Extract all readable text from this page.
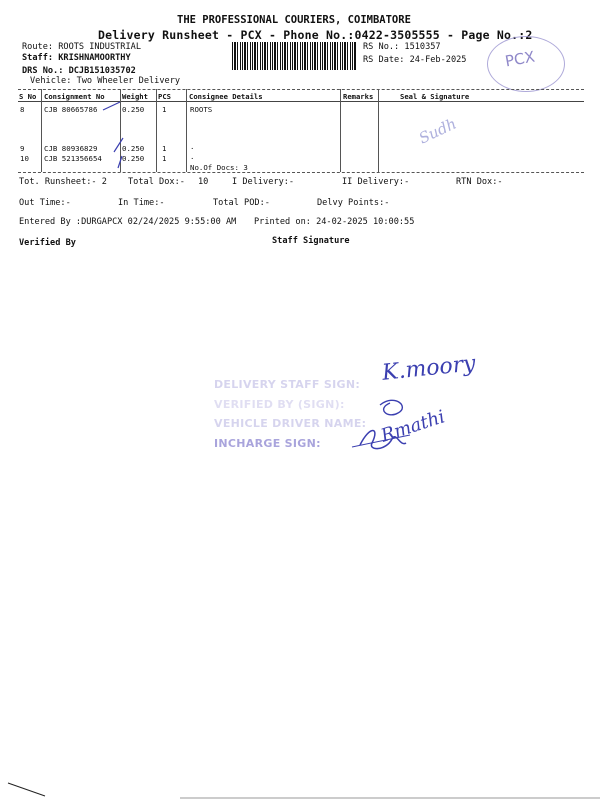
THE PROFESSIONAL COURIERS, COIMBATORE
Delivery Runsheet - PCX - Phone No.:0422-3505555 - Page No.:2
Route: ROOTS INDUSTRIAL
Staff: KRISHNAMOORTHY
DRS No.: DCJB151035702
Vehicle: Two Wheeler Delivery
RS No.: 1510357
RS Date: 24-Feb-2025 PCX
S No Consignment No Weight PCS	Consignee Details	Remarks	Seal & Signature
8	CJB 80665786	0.250 1	ROOTS
9	CJB 80936829	0.250 1	.
10 CJB 521356654	0.250 1	.
No.Of Docs: 3
Sudh
Tot. Runsheet:- 2 Total Dox:- 10	I Delivery:-	II Delivery:-	RTN Dox:-
Out Time:-	In Time:-	Total POD:-	Delvy Points:-
Entered By :DURGAPCX 02/24/2025 9:55:00 AM Printed on: 24-02-2025 10:00:55
Verified By	Staff Signature
DELIVERY STAFF SIGN:
VERIFIED BY (SIGN):
VEHICLE DRIVER NAME:
INCHARGE SIGN:
K.moory
Rmathi
